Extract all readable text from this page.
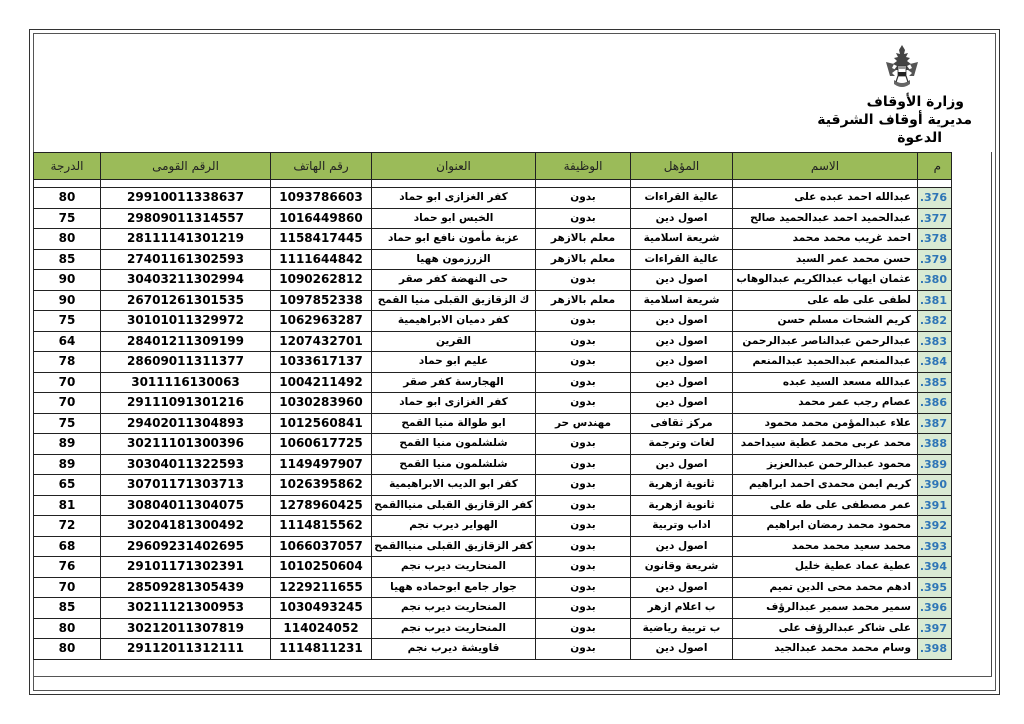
وزارة الأوقاف
مديرية أوقاف الشرقية
الدعوة
م	الاسم	المؤهل	الوظيفة	العنوان	رقم الهاتف	الرقم القومى	الدرجة

376.	عبدالله احمد عبده على	عالية القراءات	بدون	كفر الغزازى ابو حماد	1093786603	29910011338637	80
377.	عبدالحميد احمد عبدالحميد صالح	اصول دين	بدون	الخيس ابو حماد	1016449860	29809011314557	75
378.	احمد غريب محمد محمد	شريعة اسلامية	معلم بالازهر	عزبة مأمون نافع ابو حماد	1158417445	28111141301219	80
379.	حسن محمد عمر السيد	عالية القراءات	معلم بالازهر	الزرزمون ههيا	1111644842	27401161302593	85
380.	عثمان ايهاب عبدالكريم عبدالوهاب	اصول دين	بدون	حى النهضة كفر صقر	1090262812	30403211302994	90
381.	لطفى على طه على	شريعة اسلامية	معلم بالازهر	ك الزقازيق القبلى منيا القمح	1097852338	26701261301535	90
382.	كريم الشحات مسلم حسن	اصول دين	بدون	كفر دميان الابراهيمية	1062963287	30101011329972	75
383.	عبدالرحمن عبدالناصر عبدالرحمن	اصول دين	بدون	القرين	1207432701	28401211309199	64
384.	عبدالمنعم عبدالحميد عبدالمنعم	اصول دين	بدون	عليم ابو حماد	1033617137	28609011311377	78
385.	عبدالله مسعد السيد عبده	اصول دين	بدون	الهجارسة كفر صقر	1004211492	3011116130063	70
386.	عصام رجب عمر محمد	اصول دين	بدون	كفر الغزازى ابو حماد	1030283960	29111091301216	70
387.	علاء عبدالمؤمن محمد محمود	مركز ثقافى	مهندس حر	ابو طوالة منيا القمح	1012560841	29402011304893	75
388.	محمد عربى محمد عطية سيداحمد	لغات وترجمة	بدون	شلشلمون منيا القمح	1060617725	30211101300396	89
389.	محمود عبدالرحمن عبدالعزيز	اصول دين	بدون	شلشلمون منيا القمح	1149497907	30304011322593	89
390.	كريم ايمن محمدى احمد ابراهيم	ثانوية ازهرية	بدون	كفر ابو الديب الابراهيمية	1026395862	30701171303713	65
391.	عمر مصطفى على طه على	ثانوية ازهرية	بدون	كفر الزقازيق القبلى منياالقمح	1278960425	30804011304075	81
392.	محمود محمد رمضان ابراهيم	اداب وتربية	بدون	الهواير ديرب نجم	1114815562	30204181300492	72
393.	محمد سعيد محمد محمد	اصول دين	بدون	كفر الزقازيق القبلى منياالقمح	1066037057	29609231402695	68
394.	عطية عماد عطية خليل	شريعة وقانون	بدون	المنحاريت ديرب نجم	1010250604	29101171302391	76
395.	ادهم محمد محى الدين تميم	اصول دين	بدون	جوار جامع ابوحماده ههيا	1229211655	28509281305439	70
396.	سمير محمد سمير عبدالرؤف	ب اعلام ازهر	بدون	المنحاريت ديرب نجم	1030493245	30211121300953	85
397.	على شاكر عبدالرؤف على	ب تربية رياضية	بدون	المنحاريت ديرب نجم	114024052	30212011307819	80
398.	وسام محمد محمد عبدالجيد	اصول دين	بدون	قاويشة ديرب نجم	1114811231	29112011312111	80
